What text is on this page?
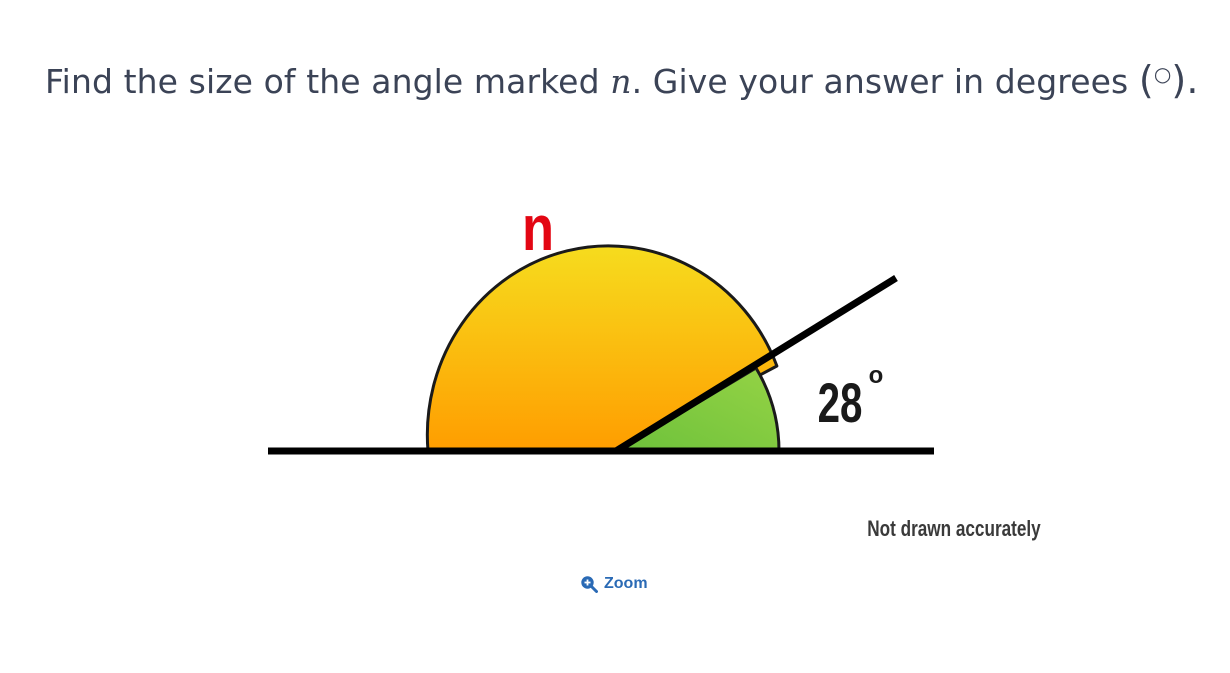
Find the size of the angle marked n. Give your answer in degrees (○).
n
28 o
Not drawn accurately
Zoom
